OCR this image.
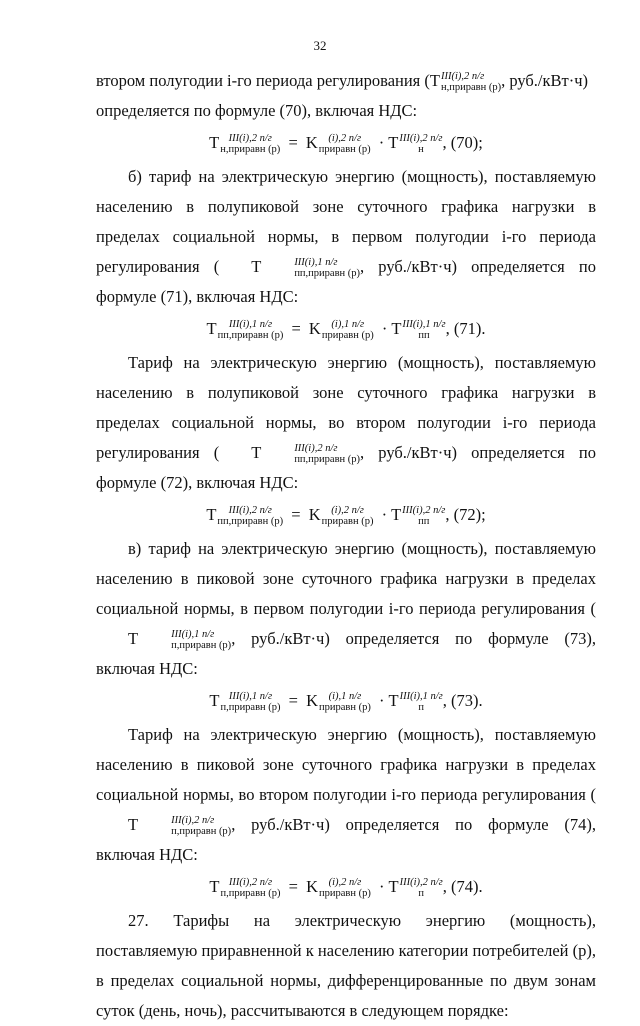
32

втором полугодии i-го периода регулирования (T III(i),2 п/г
н,приравн (р) , руб./кВт·ч)

определяется по формуле (70), включая НДС:

T III(i),2 п/г
н,приравн (р) = K	(i),2 п/г
приравн (р) · T III(i),2 п/г
н	, (70);

б) тариф на электрическую энергию (мощность), поставляемую населению в полупиковой зоне суточного графика нагрузки в пределах социальной нормы, в первом полугодии i-го периода регулирования ( T	III(i),1 п/г
пп,приравн (р) , руб./кВт·ч) определяется по формуле (71), включая НДС:

T	III(i),1 п/г
пп,приравн (р) = K	(i),1 п/г
приравн (р) · T III(i),1 п/г
пп , (71).

Тариф на электрическую энергию (мощность), поставляемую населению в полупиковой зоне суточного графика нагрузки в пределах социальной нормы, во втором полугодии i-го периода регулирования ( T	III(i),2 п/г
пп,приравн (р) , руб./кВт·ч) определяется по формуле (72), включая НДС:

T	III(i),2 п/г
пп,приравн (р) = K	(i),2 п/г
приравн (р) · T III(i),2 п/г
пп , (72);

в) тариф на электрическую энергию (мощность), поставляемую населению в пиковой зоне суточного графика нагрузки в пределах социальной нормы, в первом полугодии i-го периода регулирования (T	III(i),1 п/г
п,приравн (р) , руб./кВт·ч) определяется по формуле (73), включая НДС:

T III(i),1 п/г
п,приравн (р) = K	(i),1 п/г
приравн (р) · T III(i),1 п/г
п	, (73).

Тариф на электрическую энергию (мощность), поставляемую населению в пиковой зоне суточного графика нагрузки в пределах социальной нормы, во втором полугодии i-го периода регулирования (T	III(i),2 п/г
п,приравн (р) , руб./кВт·ч) определяется по формуле (74), включая НДС:

T III(i),2 п/г
п,приравн (р) = K	(i),2 п/г
приравн (р) · T III(i),2 п/г
п	, (74).

27. Тарифы на электрическую энергию (мощность), поставляемую приравненной к населению категории потребителей (р), в пределах социальной нормы, дифференцированные по двум зонам суток (день, ночь), рассчитываются в следующем порядке:
